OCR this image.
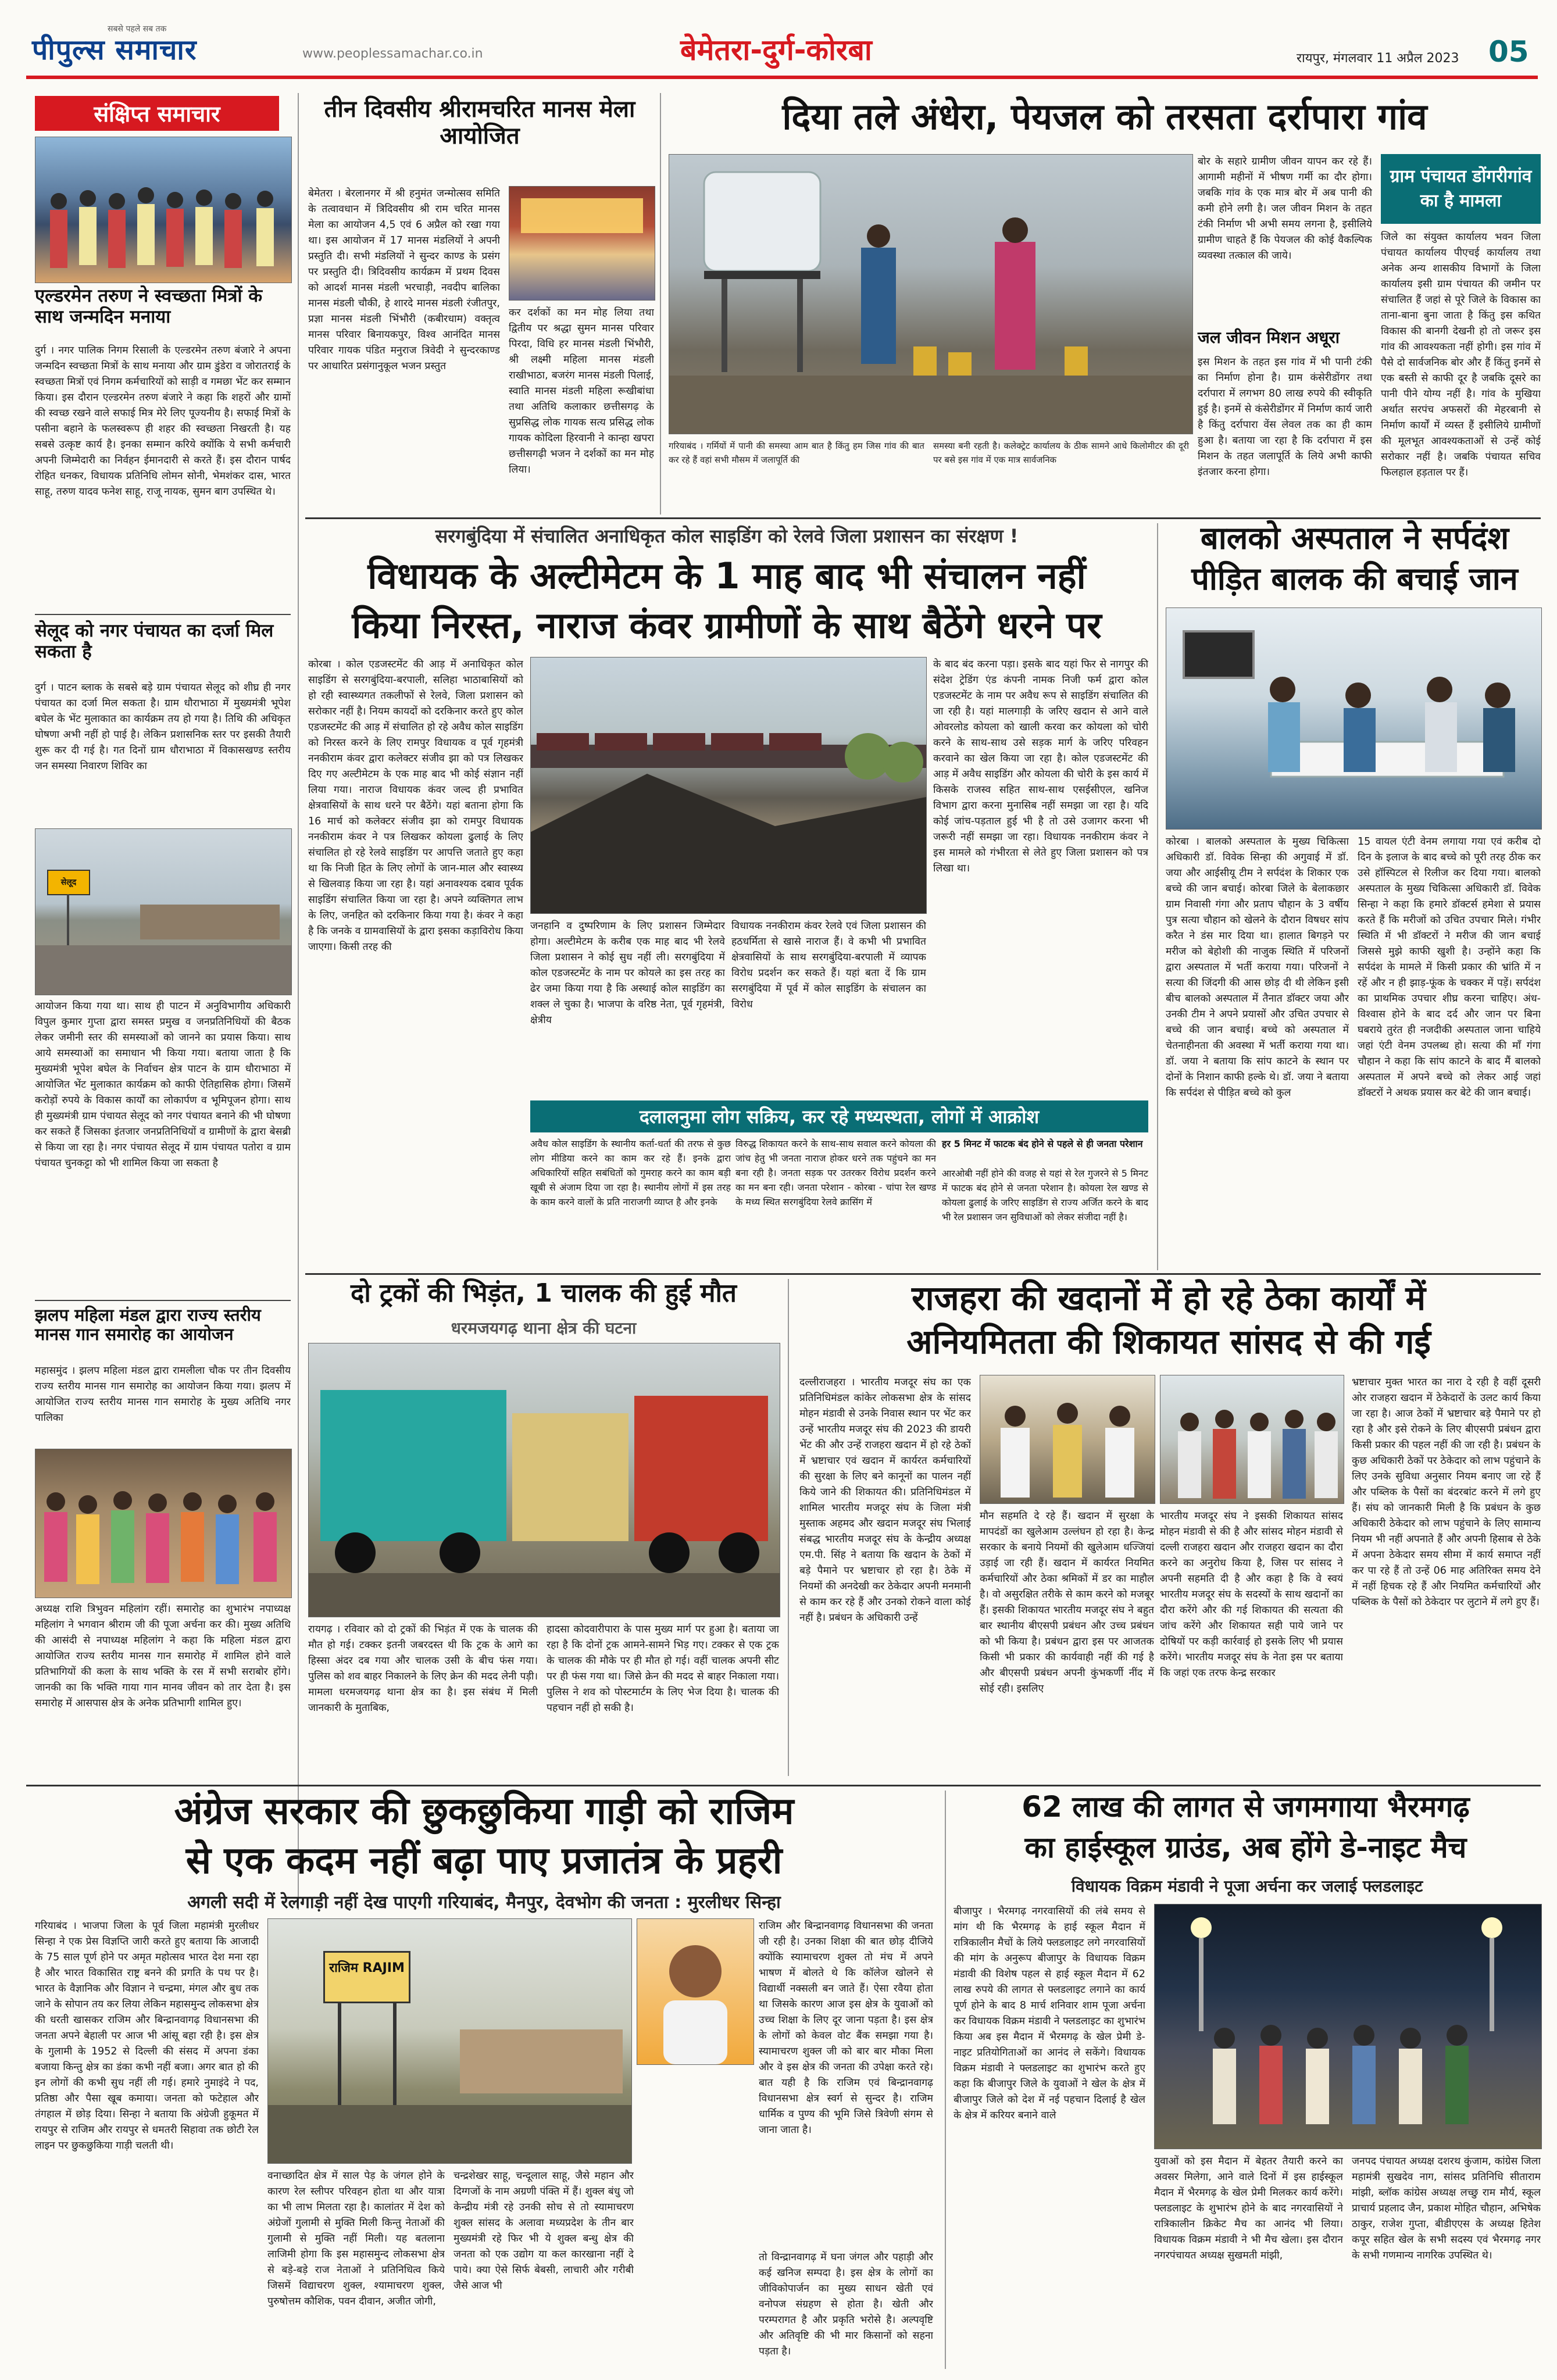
सबसे पहले सब तक
पीपुल्स समाचार	www.peoplessamachar.co.in	बेमेतरा-दुर्ग-कोरबा	रायपुर, मंगलवार 11 अप्रैल 2023 05
संक्षिप्त समाचार
एल्डरमेन तरुण ने स्वच्छता मित्रों के साथ जन्मदिन मनाया
दुर्ग । नगर पालिक निगम रिसाली के एल्डरमेन तरुण बंजारे ने अपना जन्मदिन स्वच्छता मित्रों के साथ मनाया और ग्राम डुंडेरा व जोरातराई के स्वच्छता मित्रों एवं निगम कर्मचारियों को साड़ी व गमछा भेंट कर सम्मान किया। इस दौरान एल्डरमेन तरुण बंजारे ने कहा कि शहरों और ग्रामों की स्वच्छ रखने वाले सफाई मित्र मेरे लिए पूज्यनीय है। सफाई मित्रों के पसीना बहाने के फलस्वरूप ही शहर की स्वच्छता निखरती है। यह सबसे उत्कृष्ट कार्य है। इनका सम्मान करिये क्योंकि ये सभी कर्मचारी अपनी जिम्मेदारी का निर्वहन ईमानदारी से करते हैं। इस दौरान पार्षद रोहित धनकर, विधायक प्रतिनिधि लोमन सोनी, भेमशंकर दास, भारत साहू, तरुण यादव फनेश साहू, राजू नायक, सुमन बाग उपस्थित थे।
सेलूद को नगर पंचायत का दर्जा मिल सकता है
दुर्ग । पाटन ब्लाक के सबसे बड़े ग्राम पंचायत सेलूद को शीघ्र ही नगर पंचायत का दर्जा मिल सकता है। ग्राम धौराभाठा में मुख्यमंत्री भूपेश बघेल के भेंट मुलाकात का कार्यक्रम तय हो गया है। तिथि की अधिकृत घोषणा अभी नहीं हो पाई है। लेकिन प्रशासनिक स्तर पर इसकी तैयारी शुरू कर दी गई है। गत दिनों ग्राम धौराभाठा में विकासखण्ड स्तरीय जन समस्या निवारण शिविर का
सेलूद
आयोजन किया गया था। साथ ही पाटन में अनुविभागीय अधिकारी विपुल कुमार गुप्ता द्वारा समस्त प्रमुख व जनप्रतिनिधियों की बैठक लेकर जमीनी स्तर की समस्याओं को जानने का प्रयास किया। साथ आये समस्याओं का समाधान भी किया गया। बताया जाता है कि मुख्यमंत्री भूपेश बघेल के निर्वाचन क्षेत्र पाटन के ग्राम धौराभाठा में आयोजित भेंट मुलाकात कार्यक्रम को काफी ऐतिहासिक होगा। जिसमें करोड़ों रुपये के विकास कार्यों का लोकार्पण व भूमिपूजन होगा। साथ ही मुख्यमंत्री ग्राम पंचायत सेलूद को नगर पंचायत बनाने की भी घोषणा कर सकते हैं जिसका इंतजार जनप्रतिनिधियों व ग्रामीणों के द्वारा बेसब्री से किया जा रहा है। नगर पंचायत सेलूद में ग्राम पंचायत पतोरा व ग्राम पंचायत चुनकट्टा को भी शामिल किया जा सकता है
झलप महिला मंडल द्वारा राज्य स्तरीय मानस गान समारोह का आयोजन
महासमुंद । झलप महिला मंडल द्वारा रामलीला चौक पर तीन दिवसीय राज्य स्तरीय मानस गान समारोह का आयोजन किया गया। झलप में आयोजित राज्य स्तरीय मानस गान समारोह के मुख्य अतिथि नगर पालिका
अध्यक्ष राशि त्रिभुवन महिलांग रहीं। समारोह का शुभारंभ नपाध्यक्ष महिलांग ने भगवान श्रीराम जी की पूजा अर्चना कर की। मुख्य अतिथि की आसंदी से नपाध्यक्ष महिलांग ने कहा कि महिला मंडल द्वारा आयोजित राज्य स्तरीय मानस गान समारोह में शामिल होने वाले प्रतिभागियों की कला के साथ भक्ति के रस में सभी सराबोर होंगे। जानकी का कि भक्ति गाया गान मानव जीवन को तार देता है। इस समारोह में आसपास क्षेत्र के अनेक प्रतिभागी शामिल हुए।
तीन दिवसीय श्रीरामचरित मानस मेला आयोजित
बेमेतरा । बेरलानगर में श्री हनुमंत जन्मोत्सव समिति के तत्वावधान में त्रिदिवसीय श्री राम चरित मानस मेला का आयोजन 4,5 एवं 6 अप्रैल को रखा गया था। इस आयोजन में 17 मानस मंडलियों ने अपनी प्रस्तुति दी। सभी मंडलियों ने सुन्दर काण्ड के प्रसंग पर प्रस्तुति दी। त्रिदिवसीय कार्यक्रम में प्रथम दिवस को आदर्श मानस मंडली भरचाड़ी, नवदीप बालिका मानस मंडली चौकी, हे शारदे मानस मंडली रंजीतपुर, प्रज्ञा मानस मंडली भिंभौरी (कबीरधाम) वक्तृत्व मानस परिवार बिनायकपुर, विश्व आनंदित मानस परिवार गायक पंडित मनुराज त्रिवेदी ने सुन्दरकाण्ड पर आधारित प्रसंगानुकूल भजन प्रस्तुत
कर दर्शकों का मन मोह लिया तथा द्वितीय पर श्रद्धा सुमन मानस परिवार पिरदा, विधि हर मानस मंडली भिंभौरी, श्री लक्ष्मी महिला मानस मंडली राखीभाठा, बजरंग मानस मंडली पिलाई, स्वाति मानस मंडली महिला रूखीबांधा तथा अतिथि कलाकार छत्तीसगढ़ के सुप्रसिद्ध लोक गायक सत्य प्रसिद्ध लोक गायक कोदिला हिरवानी ने कान्हा खपरा छत्तीसगढ़ी भजन ने दर्शकों का मन मोह लिया।
दिया तले अंधेरा, पेयजल को तरसता दर्रापारा गांव
गरियाबंद । गर्मियों में पानी की समस्या आम बात है किंतु हम जिस गांव की बात कर रहे हैं वहां सभी मौसम में जलापूर्ति की
समस्या बनी रहती है। कलेक्ट्रेट कार्यालय के ठीक सामने आधे किलोमीटर की दूरी पर बसे इस गांव में एक मात्र सार्वजनिक
बोर के सहारे ग्रामीण जीवन यापन कर रहे हैं। आगामी महीनों में भीषण गर्मी का दौर होगा। जबकि गांव के एक मात्र बोर में अब पानी की कमी होने लगी है। जल जीवन मिशन के तहत टंकी निर्माण भी अभी समय लगना है, इसीलिये ग्रामीण चाहते हैं कि पेयजल की कोई वैकल्पिक व्यवस्था तत्काल की जाये।
जल जीवन मिशन अधूरा
इस मिशन के तहत इस गांव में भी पानी टंकी का निर्माण होना है। ग्राम कंसेरीडोंगर तथा दर्रापारा में लगभग 80 लाख रुपये की स्वीकृति हुई है। इनमें से कंसेरीडोंगर में निर्माण कार्य जारी है किंतु दर्रापारा वेंस लेवल तक का ही काम हुआ है। बताया जा रहा है कि दर्रापारा में इस मिशन के तहत जलापूर्ति के लिये अभी काफी इंतजार करना होगा।
ग्राम पंचायत डोंगरीगांव का है मामला
जिले का संयुक्त कार्यालय भवन जिला पंचायत कार्यालय पीएचई कार्यालय तथा अनेक अन्य शासकीय विभागों के जिला कार्यालय इसी ग्राम पंचायत की जमीन पर संचालित हैं जहां से पूरे जिले के विकास का ताना-बाना बुना जाता है किंतु इस कथित विकास की बानगी देखनी हो तो जरूर इस गांव की आवश्यकता नहीं होगी। इस गांव में पैसे दो सार्वजनिक बोर और हैं किंतु इनमें से एक बस्ती से काफी दूर है जबकि दूसरे का पानी पीने योग्य नहीं है। गांव के मुखिया अर्थात सरपंच अफसरों की मेहरबानी से निर्माण कार्यों में व्यस्त हैं इसीलिये ग्रामीणों की मूलभूत आवश्यकताओं से उन्हें कोई सरोकार नहीं है। जबकि पंचायत सचिव फिलहाल हड़ताल पर हैं।
सरगबुंदिया में संचालित अनाधिकृत कोल साइडिंग को रेलवे जिला प्रशासन का संरक्षण !
विधायक के अल्टीमेटम के 1 माह बाद भी संचालन नहीं
किया निरस्त, नाराज कंवर ग्रामीणों के साथ बैठेंगे धरने पर
कोरबा । कोल एडजस्टमेंट की आड़ में अनाधिकृत कोल साइडिंग से सरगबुंदिया-बरपाली, सलिहा भाठाबासियों को हो रही स्वास्थ्यगत तकलीफों से रेलवे, जिला प्रशासन को सरोकार नहीं है। नियम कायदों को दरकिनार करते हुए कोल एडजस्टमेंट की आड़ में संचालित हो रहे अवैध कोल साइडिंग को निरस्त करने के लिए रामपुर विधायक व पूर्व गृहमंत्री ननकीराम कंवर द्वारा कलेक्टर संजीव झा को पत्र लिखकर दिए गए अल्टीमेटम के एक माह बाद भी कोई संज्ञान नहीं लिया गया। नाराज विधायक कंवर जल्द ही प्रभावित क्षेत्रवासियों के साथ धरने पर बैठेंगे। यहां बताना होगा कि 16 मार्च को कलेक्टर संजीव झा को रामपुर विधायक ननकीराम कंवर ने पत्र लिखकर कोयला ढुलाई के लिए संचालित हो रहे रेलवे साइडिंग पर आपत्ति जताते हुए कहा था कि निजी हित के लिए लोगों के जान-माल और स्वास्थ्य से खिलवाड़ किया जा रहा है। यहां अनावश्यक दबाव पूर्वक साइडिंग संचालित किया जा रहा है। अपने व्यक्तिगत लाभ के लिए, जनहित को दरकिनार किया गया है। कंवर ने कहा है कि जनके व ग्रामवासियों के द्वारा इसका कड़ाविरोध किया जाएगा। किसी तरह की
जनहानि व दुष्परिणाम के लिए प्रशासन जिम्मेदार होगा। अल्टीमेटम के करीब एक माह बाद भी रेलवे जिला प्रशासन ने कोई सुध नहीं ली। सरगबुंदिया में कोल एडजस्टमेंट के नाम पर कोयले का इस तरह का ढेर जमा किया गया है कि अस्थाई कोल साइडिंग का शक्ल ले चुका है। भाजपा के वरिष्ठ नेता, पूर्व गृहमंत्री, क्षेत्रीय
विधायक ननकीराम कंवर रेलवे एवं जिला प्रशासन की हठधर्मिता से खासे नाराज हैं। वे कभी भी प्रभावित क्षेत्रवासियों के साथ सरगबुंदिया-बरपाली में व्यापक विरोध प्रदर्शन कर सकते हैं। यहां बता दें कि ग्राम सरगबुंदिया में पूर्व में कोल साइडिंग के संचालन का विरोध
के बाद बंद करना पड़ा। इसके बाद यहां फिर से नागपुर की संदेश ट्रेडिंग एंड कंपनी नामक निजी फर्म द्वारा कोल एडजस्टमेंट के नाम पर अवैध रूप से साइडिंग संचालित की जा रही है। यहां मालगाड़ी के जरिए खदान से आने वाले ओवरलोड कोयला को खाली करवा कर कोयला को चोरी करने के साथ-साथ उसे सड़क मार्ग के जरिए परिवहन करवाने का खेल किया जा रहा है। कोल एडजस्टमेंट की आड़ में अवैध साइडिंग और कोयला की चोरी के इस कार्य में किसके राजस्व सहित साथ-साथ एसईसीएल, खनिज विभाग द्वारा करना मुनासिब नहीं समझा जा रहा है। यदि कोई जांच-पड़ताल हुई भी है तो उसे उजागर करना भी जरूरी नहीं समझा जा रहा। विधायक ननकीराम कंवर ने इस मामले को गंभीरता से लेते हुए जिला प्रशासन को पत्र लिखा था।
दलालनुमा लोग सक्रिय, कर रहे मध्यस्थता, लोगों में आक्रोश
अवैध कोल साइडिंग के स्थानीय कर्ता-धर्ता की तरफ से कुछ लोग मीडिया करने का काम कर रहे हैं। इनके द्वारा अधिकारियों सहित सबंधितों को गुमराह करने का काम बड़ी खूबी से अंजाम दिया जा रहा है। स्थानीय लोगों में इस तरह के काम करने वालों के प्रति नाराजगी व्याप्त है और इनके
विरुद्ध शिकायत करने के साथ-साथ सवाल करने कोयला की जांच हेतु भी जनता नाराज होकर धरने तक पहुंचने का मन बना रही है। जनता सड़क पर उतरकर विरोध प्रदर्शन करने का मन बना रही। जनता परेशान - कोरबा - चांपा रेल खण्ड के मध्य स्थित सरगबुंदिया रेलवे क्रासिंग में
हर 5 मिनट में फाटक बंद होने से पहले से ही जनता परेशान
आरओबी नहीं होने की वजह से यहां से रेल गुजरने से 5 मिनट में फाटक बंद होने से जनता परेशान है। कोयला रेल खण्ड से कोयला ढुलाई के जरिए साइडिंग से राज्य अर्जित करने के बाद भी रेल प्रशासन जन सुविधाओं को लेकर संजीदा नहीं है।
बालको अस्पताल ने सर्पदंश
पीड़ित बालक की बचाई जान
कोरबा । बालको अस्पताल के मुख्य चिकित्सा अधिकारी डॉ. विवेक सिन्हा की अगुवाई में डॉ. जया और आईसीयू टीम ने सर्पदंश के शिकार एक बच्चे की जान बचाई। कोरबा जिले के बेलाकछार ग्राम निवासी गंगा और प्रताप चौहान के 3 वर्षीय पुत्र सत्या चौहान को खेलने के दौरान विषधर सांप करैत ने डंस मार दिया था। हालात बिगड़ने पर मरीज को बेहोशी की नाजुक स्थिति में परिजनों द्वारा अस्पताल में भर्ती कराया गया। परिजनों ने सत्या की जिंदगी की आस छोड़ दी थी लेकिन इसी बीच बालको अस्पताल में तैनात डॉक्टर जया और उनकी टीम ने अपने प्रयासों और उचित उपचार से बच्चे की जान बचाई। बच्चे को अस्पताल में चेतनाहीनता की अवस्था में भर्ती कराया गया था। डॉ. जया ने बताया कि सांप काटने के स्थान पर दोनों के निशान काफी हल्के थे। डॉ. जया ने बताया कि सर्पदंश से पीड़ित बच्चे को कुल
15 वायल एंटी वेनम लगाया गया एवं करीब दो दिन के इलाज के बाद बच्चे को पूरी तरह ठीक कर उसे हॉस्पिटल से रिलीज कर दिया गया। बालको अस्पताल के मुख्य चिकित्सा अधिकारी डॉ. विवेक सिन्हा ने कहा कि हमारे डॉक्टर्स हमेशा से प्रयास करते हैं कि मरीजों को उचित उपचार मिले। गंभीर स्थिति में भी डॉक्टरों ने मरीज की जान बचाई जिससे मुझे काफी खुशी है। उन्होंने कहा कि सर्पदंश के मामले में किसी प्रकार की भ्रांति में न रहें और न ही झाड़-फूंक के चक्कर में पड़ें। सर्पदंश का प्राथमिक उपचार शीघ्र करना चाहिए। अंध-विश्वास होने के बाद दर्द और जान पर बिना घबराये तुरंत ही नजदीकी अस्पताल जाना चाहिये जहां एंटी वेनम उपलब्ध हो। सत्या की माँ गंगा चौहान ने कहा कि सांप काटने के बाद मैं बालको अस्पताल में अपने बच्चे को लेकर आई जहां डॉक्टरों ने अथक प्रयास कर बेटे की जान बचाई।
दो ट्रकों की भिड़ंत, 1 चालक की हुई मौत
धरमजयगढ़ थाना क्षेत्र की घटना
रायगढ़ । रविवार को दो ट्रकों की भिड़ंत में एक के चालक की मौत हो गई। टक्कर इतनी जबरदस्त थी कि ट्रक के आगे का हिस्सा अंदर दब गया और चालक उसी के बीच फंस गया। पुलिस को शव बाहर निकालने के लिए क्रेन की मदद लेनी पड़ी। मामला धरमजयगढ़ थाना क्षेत्र का है। इस संबंध में मिली जानकारी के मुताबिक,
हादसा कोदवारीपारा के पास मुख्य मार्ग पर हुआ है। बताया जा रहा है कि दोनों ट्रक आमने-सामने भिड़ गए। टक्कर से एक ट्रक के चालक की मौके पर ही मौत हो गई। वहीं चालक अपनी सीट पर ही फंस गया था। जिसे क्रेन की मदद से बाहर निकाला गया। पुलिस ने शव को पोस्टमार्टम के लिए भेज दिया है। चालक की पहचान नहीं हो सकी है।
राजहरा की खदानों में हो रहे ठेका कार्यों में
अनियमितता की शिकायत सांसद से की गई
दल्लीराजहरा । भारतीय मजदूर संघ का एक प्रतिनिधिमंडल कांकेर लोकसभा क्षेत्र के सांसद मोहन मंडावी से उनके निवास स्थान पर भेंट कर उन्हें भारतीय मजदूर संघ की 2023 की डायरी भेंट की और उन्हें राजहरा खदान में हो रहे ठेकों में भ्रष्टाचार एवं खदान में कार्यरत कर्मचारियों की सुरक्षा के लिए बने कानूनों का पालन नहीं किये जाने की शिकायत की। प्रतिनिधिमंडल में शामिल भारतीय मजदूर संघ के जिला मंत्री मुस्ताक अहमद और खदान मजदूर संघ भिलाई संबद्ध भारतीय मजदूर संघ के केन्द्रीय अध्यक्ष एम.पी. सिंह ने बताया कि खदान के ठेकों में बड़े पैमाने पर भ्रष्टाचार हो रहा है। ठेके में नियमों की अनदेखी कर ठेकेदार अपनी मनमानी से काम कर रहे हैं और उनको रोकने वाला कोई नहीं है। प्रबंधन के अधिकारी उन्हें
मौन सहमति दे रहे हैं। खदान में सुरक्षा के मापदंडों का खुलेआम उल्लंघन हो रहा है। केन्द्र सरकार के बनाये नियमों की खुलेआम धज्जियां उड़ाई जा रही हैं। खदान में कार्यरत नियमित कर्मचारियों और ठेका श्रमिकों में डर का माहौल है। वो असुरक्षित तरीके से काम करने को मजबूर हैं। इसकी शिकायत भारतीय मजदूर संघ ने बहुत बार स्थानीय बीएसपी प्रबंधन और उच्च प्रबंधन को भी किया है। प्रबंधन द्वारा इस पर आजतक किसी भी प्रकार की कार्यवाही नहीं की गई है और बीएसपी प्रबंधन अपनी कुंभकर्णी नींद में सोई रही। इसलिए
भारतीय मजदूर संघ ने इसकी शिकायत सांसद मोहन मंडावी से की है और सांसद मोहन मंडावी से दल्ली राजहरा खदान और राजहरा खदान का दौरा करने का अनुरोध किया है, जिस पर सांसद ने अपनी सहमति दी है और कहा है कि वे स्वयं भारतीय मजदूर संघ के सदस्यों के साथ खदानों का दौरा करेंगे और की गई शिकायत की सत्यता की जांच करेंगे और शिकायत सही पाये जाने पर दोषियों पर कड़ी कार्रवाई हो इसके लिए भी प्रयास करेंगे। भारतीय मजदूर संघ के नेता इस पर बताया कि जहां एक तरफ केन्द्र सरकार
भ्रष्टाचार मुक्त भारत का नारा दे रही है वहीं दूसरी ओर राजहरा खदान में ठेकेदारों के उलट कार्य किया जा रहा है। आज ठेकों में भ्रष्टाचार बड़े पैमाने पर हो रहा है और इसे रोकने के लिए बीएसपी प्रबंधन द्वारा किसी प्रकार की पहल नहीं की जा रही है। प्रबंधन के कुछ अधिकारी ठेकों पर ठेकेदार को लाभ पहुंचाने के लिए उनके सुविधा अनुसार नियम बनाए जा रहे हैं और पब्लिक के पैसों का बंदरबांट करने में लगे हुए हैं। संघ को जानकारी मिली है कि प्रबंधन के कुछ अधिकारी ठेकेदार को लाभ पहुंचाने के लिए सामान्य नियम भी नहीं अपनाते हैं और अपनी हिसाब से ठेके में अपना ठेकेदार समय सीमा में कार्य समाप्त नहीं कर पा रहे हैं तो उन्हें 06 माह अतिरिक्त समय देने में नहीं हिचक रहे हैं और नियमित कर्मचारियों और पब्लिक के पैसों को ठेकेदार पर लुटाने में लगे हुए हैं।
अंग्रेज सरकार की छुकछुकिया गाड़ी को राजिम
से एक कदम नहीं बढ़ा पाए प्रजातंत्र के प्रहरी
अगली सदी में रेलगाड़ी नहीं देख पाएगी गरियाबंद, मैनपुर, देवभोग की जनता : मुरलीधर सिन्हा
गरियाबंद । भाजपा जिला के पूर्व जिला महामंत्री मुरलीधर सिन्हा ने एक प्रेस विज्ञप्ति जारी करते हुए बताया कि आजादी के 75 साल पूर्ण होने पर अमृत महोत्सव भारत देश मना रहा है और भारत विकासित राष्ट्र बनने की प्रगति के पथ पर है। भारत के वैज्ञानिक और विज्ञान ने चन्द्रमा, मंगल और बुध तक जाने के सोपान तय कर लिया लेकिन महासमुन्द लोकसभा क्षेत्र की धरती खासकर राजिम और बिन्द्रानवागढ़ विधानसभा की जनता अपने बेहाली पर आज भी आंसू बहा रही है। इस क्षेत्र के गुलामी के 1952 से दिल्ली की संसद में अपना डंका बजाया किन्तु क्षेत्र का डंका कभी नहीं बजा। अगर बात हो की इन लोगों की कभी सुध नहीं ली गई। हमारे नुमाइंदे ने पद, प्रतिष्ठा और पैसा खूब कमाया। जनता को फटेहाल और तंगहाल में छोड़ दिया। सिन्हा ने बताया कि अंग्रेजी हुकूमत में रायपुर से राजिम और रायपुर से धमतरी सिहावा तक छोटी रेल लाइन पर छुकछुकिया गाड़ी चलती थी।
राजिम RAJIM
राजिम और बिन्द्रानवागढ़ विधानसभा की जनता जी रही है। उनका शिक्षा की बात छोड़ दीजिये क्योंकि स्यामाचरण शुक्ल तो मंच में अपने भाषण में बोलते थे कि कॉलेज खोलने से विद्यार्थी नक्सली बन जाते हैं। ऐसा रवैया होता था जिसके कारण आज इस क्षेत्र के युवाओं को उच्च शिक्षा के लिए दूर जाना पड़ता है। इस क्षेत्र के लोगों को केवल वोट बैंक समझा गया है। स्यामाचरण शुक्ल जी को बार बार मौका मिला और वे इस क्षेत्र की जनता की उपेक्षा करते रहे। बात यही है कि राजिम एवं बिन्द्रानवागढ़ विधानसभा क्षेत्र स्वर्ग से सुन्दर है। राजिम धार्मिक व पुण्य की भूमि जिसे त्रिवेणी संगम से जाना जाता है।
वनाच्छादित क्षेत्र में साल पेड़ के जंगल होने के कारण रेल स्लीपर परिवहन होता था और यात्रा का भी लाभ मिलता रहा है। कालांतर में देश को अंग्रेजों गुलामी से मुक्ति मिली किन्तु नेताओं की गुलामी से मुक्ति नहीं मिली। यह बतलाना लाजिमी होगा कि इस महासमुन्द लोकसभा क्षेत्र से बड़े-बड़े राज नेताओं ने प्रतिनिधित्व किये जिसमें विद्याचरण शुक्ल, श्यामाचरण शुक्ल, पुरुषोत्तम कौशिक, पवन दीवान, अजीत जोगी,
चन्द्रशेखर साहू, चन्दूलाल साहू, जैसे महान और दिग्गजों के नाम अग्रणी पंक्ति में हैं। शुक्ल बंधु जो केन्द्रीय मंत्री रहे उनकी सोच से तो स्यामाचरण शुक्ल सांसद के अलावा मध्यप्रदेश के तीन बार मुख्यमंत्री रहे फिर भी ये शुक्ल बन्धु क्षेत्र की जनता को एक उद्योग या कल कारखाना नहीं दे पाये। क्या ऐसे सिर्फ बेबसी, लाचारी और गरीबी जैसे आज भी
तो विन्द्रानवागढ़ में घना जंगल और पहाड़ी और कई खनिज सम्पदा है। इस क्षेत्र के लोगों का जीविकोपार्जन का मुख्य साधन खेती एवं वनोपज संग्रहण से होता है। खेती और परम्परागत है और प्रकृति भरोसे है। अल्पवृष्टि और अतिवृष्टि की भी मार किसानों को सहना पड़ता है।
62 लाख की लागत से जगमगाया भैरमगढ़
का हाईस्कूल ग्राउंड, अब होंगे डे-नाइट मैच
विधायक विक्रम मंडावी ने पूजा अर्चना कर जलाई फ्लडलाइट
बीजापुर । भैरमगढ़ नगरवासियों की लंबे समय से मांग थी कि भैरमगढ़ के हाई स्कूल मैदान में रात्रिकालीन मैचों के लिये फ्लडलाइट लगे नगरवासियों की मांग के अनुरूप बीजापुर के विधायक विक्रम मंडावी की विशेष पहल से हाई स्कूल मैदान में 62 लाख रुपये की लागत से फ्लडलाइट लगाने का कार्य पूर्ण होने के बाद 8 मार्च शनिवार शाम पूजा अर्चना कर विधायक विक्रम मंडावी ने फ्लडलाइट का शुभारंभ किया अब इस मैदान में भैरमगढ़ के खेल प्रेमी डे-नाइट प्रतियोगिताओं का आनंद ले सकेंगे। विधायक विक्रम मंडावी ने फ्लडलाइट का शुभारंभ करते हुए कहा कि बीजापुर जिले के युवाओं ने खेल के क्षेत्र में बीजापुर जिले को देश में नई पहचान दिलाई है खेल के क्षेत्र में करियर बनाने वाले
युवाओं को इस मैदान में बेहतर तैयारी करने का अवसर मिलेगा, आने वाले दिनों में इस हाईस्कूल मैदान में भैरमगढ़ के खेल प्रेमी मिलकर कार्य करेंगे। फ्लडलाइट के शुभारंभ होने के बाद नगरवासियों ने रात्रिकालीन क्रिकेट मैच का आनंद भी लिया। विधायक विक्रम मंडावी ने भी मैच खेला। इस दौरान नगरपंचायत अध्यक्ष सुखमती मांझी,
जनपद पंचायत अध्यक्ष दशरथ कुंजाम, कांग्रेस जिला महामंत्री सुखदेव नाग, सांसद प्रतिनिधि सीताराम मांझी, ब्लॉक कांग्रेस अध्यक्ष लच्छु राम मौर्य, स्कूल प्राचार्य प्रहलाद जैन, प्रकाश मोहित चौहान, अभिषेक ठाकुर, राजेश गुप्ता, बीडीएएस के अध्यक्ष हितेश कपूर सहित खेल के सभी सदस्य एवं भैरमगढ़ नगर के सभी गणमान्य नागरिक उपस्थित थे।
